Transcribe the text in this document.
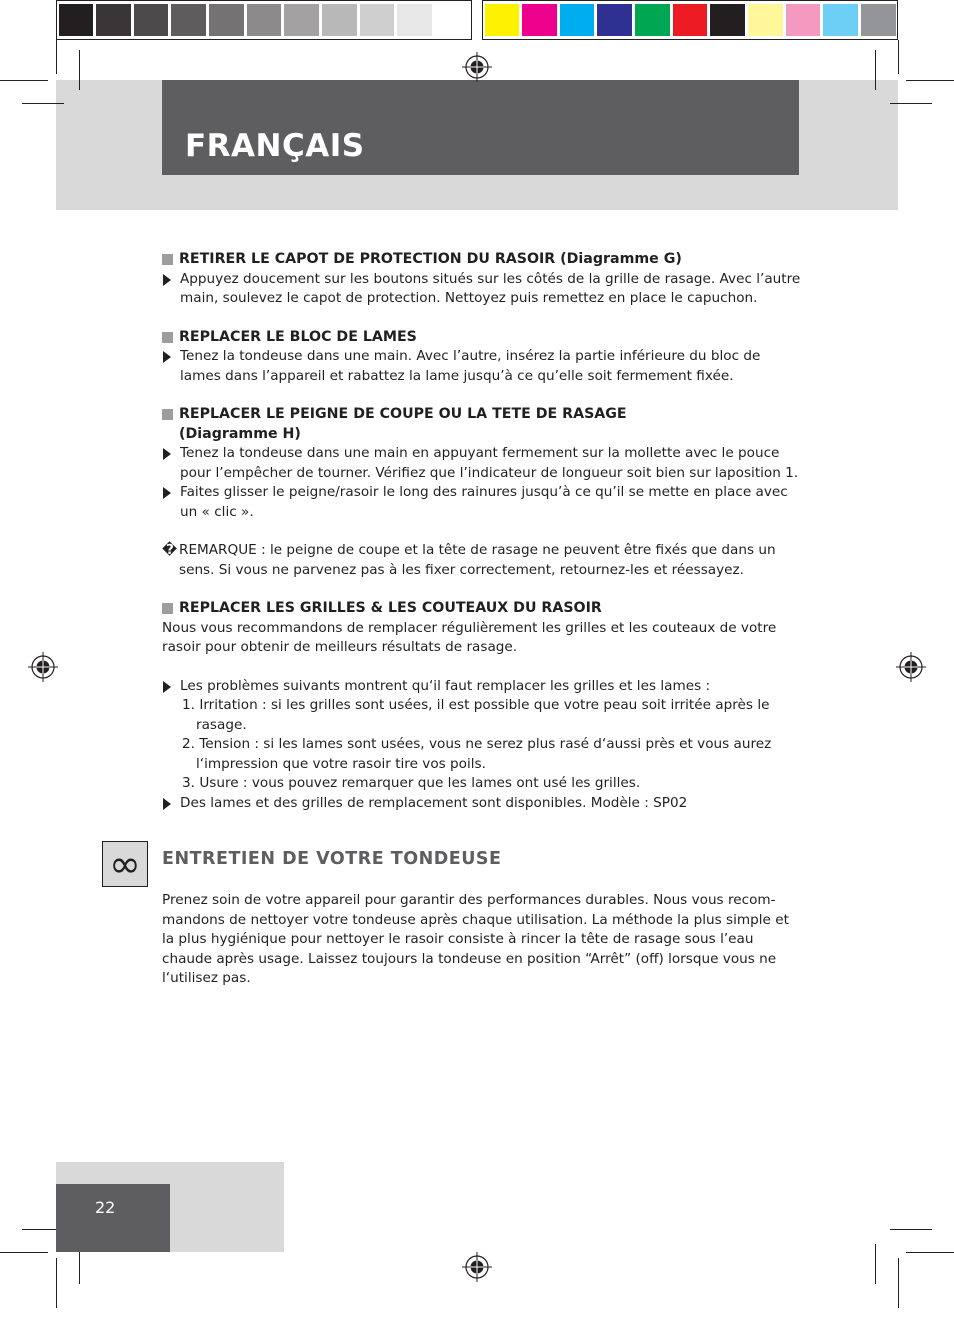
FRANÇAIS
RETIRER LE CAPOT DE PROTECTION DU RASOIR (Diagramme G)
Appuyez doucement sur les boutons situés sur les côtés de la grille de rasage. Avec l’autre main, soulevez le capot de protection. Nettoyez puis remettez en place le capuchon.
REPLACER LE BLOC DE LAMES
Tenez la tondeuse dans une main. Avec l’autre, insérez la partie inférieure du bloc de lames dans l’appareil et rabattez la lame jusqu’à ce qu’elle soit fermement fixée.
REPLACER LE PEIGNE DE COUPE OU LA TETE DE RASAGE
(Diagramme H)
Tenez la tondeuse dans une main en appuyant fermement sur la mollette avec le pouce pour l’empêcher de tourner. Vérifiez que l’indicateur de longueur soit bien sur laposition 1.
Faites glisser le peigne/rasoir le long des rainures jusqu’à ce qu’il se mette en place avec un « clic ».
� REMARQUE : le peigne de coupe et la tête de rasage ne peuvent être fixés que dans un sens. Si vous ne parvenez pas à les fixer correctement, retournez-les et réessayez.
REPLACER LES GRILLES & LES COUTEAUX DU RASOIR
Nous vous recommandons de remplacer régulièrement les grilles et les couteaux de votre rasoir pour obtenir de meilleurs résultats de rasage.
Les problèmes suivants montrent qu‘il faut remplacer les grilles et les lames :
1. Irritation : si les grilles sont usées, il est possible que votre peau soit irritée après le
rasage.
2. Tension : si les lames sont usées, vous ne serez plus rasé d‘aussi près et vous aurez
l‘impression que votre rasoir tire vos poils.
3. Usure : vous pouvez remarquer que les lames ont usé les grilles.
Des lames et des grilles de remplacement sont disponibles. Modèle : SP02
∞	ENTRETIEN DE VOTRE TONDEUSE
Prenez soin de votre appareil pour garantir des performances durables. Nous vous recommandons de nettoyer votre tondeuse après chaque utilisation. La méthode la plus simple et la plus hygiénique pour nettoyer le rasoir consiste à rincer la tête de rasage sous l’eau chaude après usage. Laissez toujours la tondeuse en position “Arrêt” (off) lorsque vous ne l‘utilisez pas.
22
